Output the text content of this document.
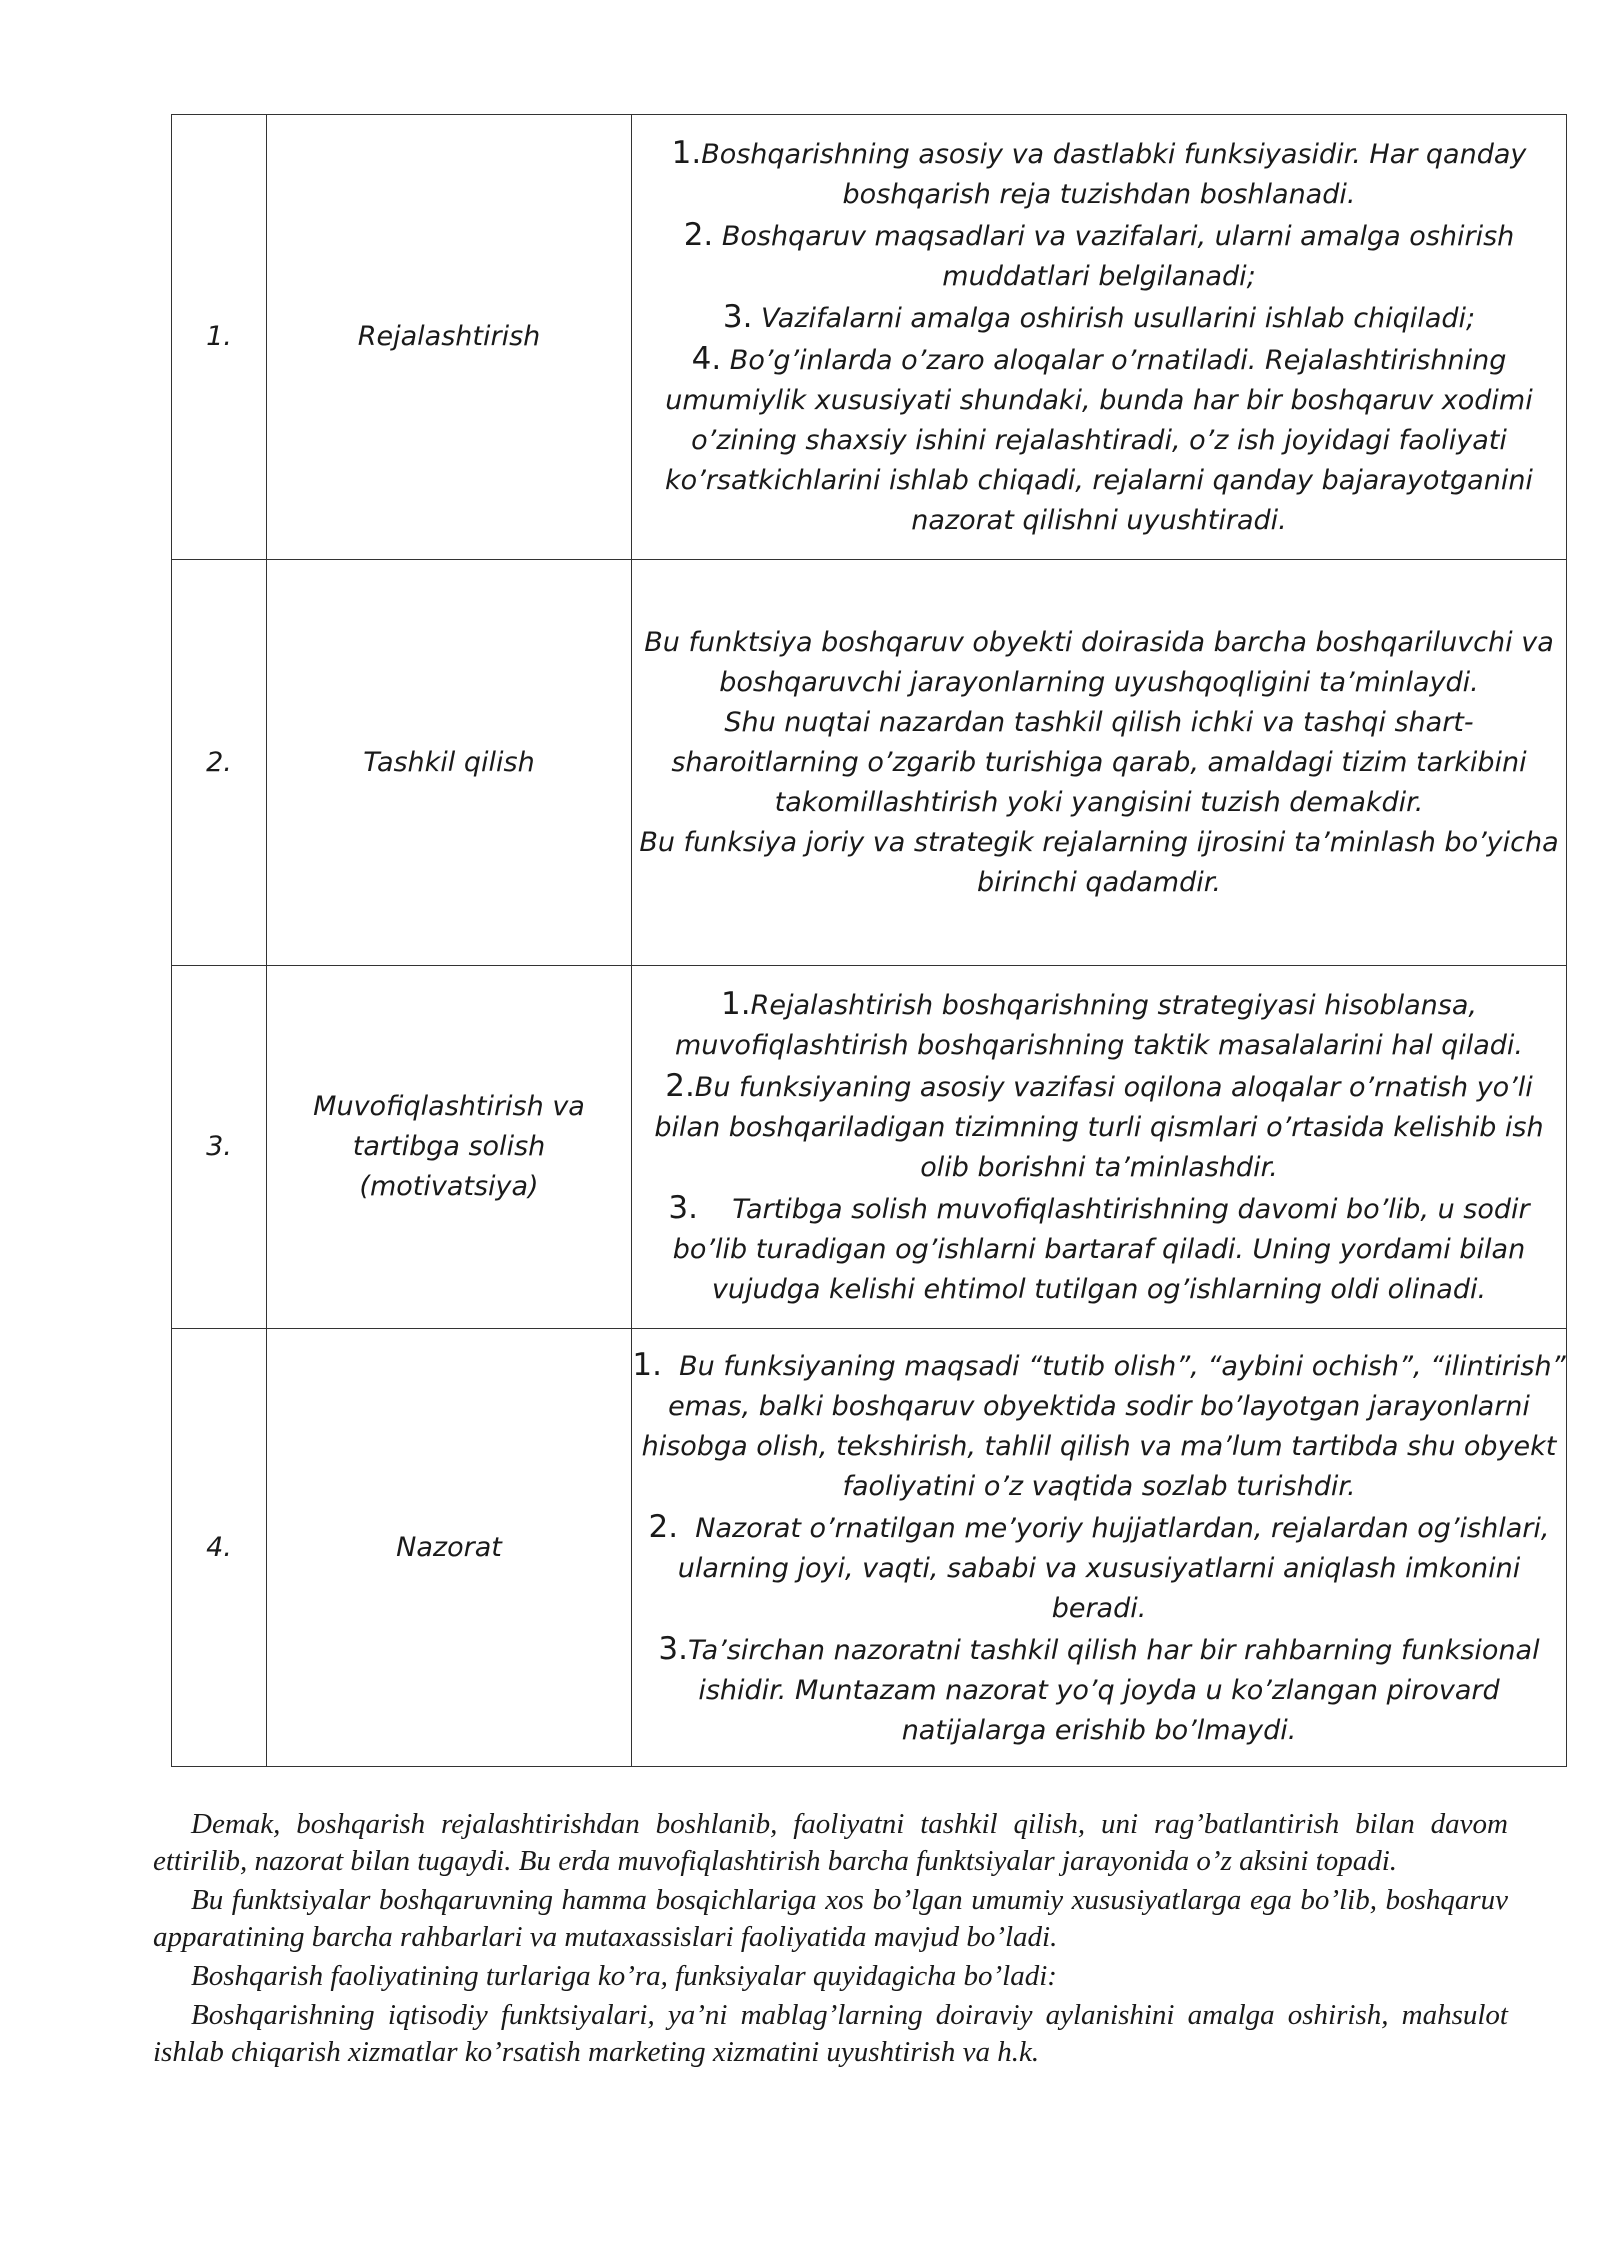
1.	Rejalashtirish	1.Boshqarishning asosiy va dastlabki funksiyasidir. Har qanday boshqarish reja tuzishdan boshlanadi.

2. Boshqaruv maqsadlari va vazifalari, ularni amalga oshirish muddatlari belgilanadi;

3. Vazifalarni amalga oshirish usullarini ishlab chiqiladi;

4. Bo’g’inlarda o’zaro aloqalar o’rnatiladi. Rejalashtirishning umumiylik xususiyati shundaki, bunda har bir boshqaruv xodimi o’zining shaxsiy ishini rejalashtiradi, o’z ish joyidagi faoliyati ko’rsatkichlarini ishlab chiqadi, rejalarni qanday bajarayotganini nazorat qilishni uyushtiradi.

2.	Tashkil qilish	Bu funktsiya boshqaruv obyekti doirasida barcha boshqariluvchi va boshqaruvchi jarayonlarning uyushqoqligini ta’minlaydi.

Shu nuqtai nazardan tashkil qilish ichki va tashqi shart-sharoitlarning o’zgarib turishiga qarab, amaldagi tizim tarkibini takomillashtirish yoki yangisini tuzish demakdir.

Bu funksiya joriy va strategik rejalarning ijrosini ta’minlash bo’yicha birinchi qadamdir.

3.	Muvofiqlashtirish va tartibga solish (motivatsiya)	1.Rejalashtirish boshqarishning strategiyasi hisoblansa, muvofiqlashtirish boshqarishning taktik masalalarini hal qiladi.

2.Bu funksiyaning asosiy vazifasi oqilona aloqalar o’rnatish yo’li bilan boshqariladigan tizimning turli qismlari o’rtasida kelishib ish olib borishni ta’minlashdir.

3. Tartibga solish muvofiqlashtirishning davomi bo’lib, u sodir bo’lib turadigan og’ishlarni bartaraf qiladi. Uning yordami bilan vujudga kelishi ehtimol tutilgan og’ishlarning oldi olinadi.

4.	Nazorat	1. Bu funksiyaning maqsadi “tutib olish”, “aybini ochish”, “ilintirish” emas, balki boshqaruv obyektida sodir bo’layotgan jarayonlarni hisobga olish, tekshirish, tahlil qilish va ma’lum tartibda shu obyekt faoliyatini o’z vaqtida sozlab turishdir.

2. Nazorat o’rnatilgan me’yoriy hujjatlardan, rejalardan og’ishlari, ularning joyi, vaqti, sababi va xususiyatlarni aniqlash imkonini beradi.

3.Ta’sirchan nazoratni tashkil qilish har bir rahbarning funksional ishidir. Muntazam nazorat yo’q joyda u ko’zlangan pirovard natijalarga erishib bo’lmaydi.

Demak, boshqarish rejalashtirishdan boshlanib, faoliyatni tashkil qilish, uni rag’batlantirish bilan davom ettirilib, nazorat bilan tugaydi. Bu erda muvofiqlashtirish barcha funktsiyalar jarayonida o’z aksini topadi.

Bu funktsiyalar boshqaruvning hamma bosqichlariga xos bo’lgan umumiy xususiyatlarga ega bo’lib, boshqaruv apparatining barcha rahbarlari va mutaxassislari faoliyatida mavjud bo’ladi.

Boshqarish faoliyatining turlariga ko’ra, funksiyalar quyidagicha bo’ladi:

Boshqarishning iqtisodiy funktsiyalari, ya’ni mablag’larning doiraviy aylanishini amalga oshirish, mahsulot ishlab chiqarish xizmatlar ko’rsatish marketing xizmatini uyushtirish va h.k.
